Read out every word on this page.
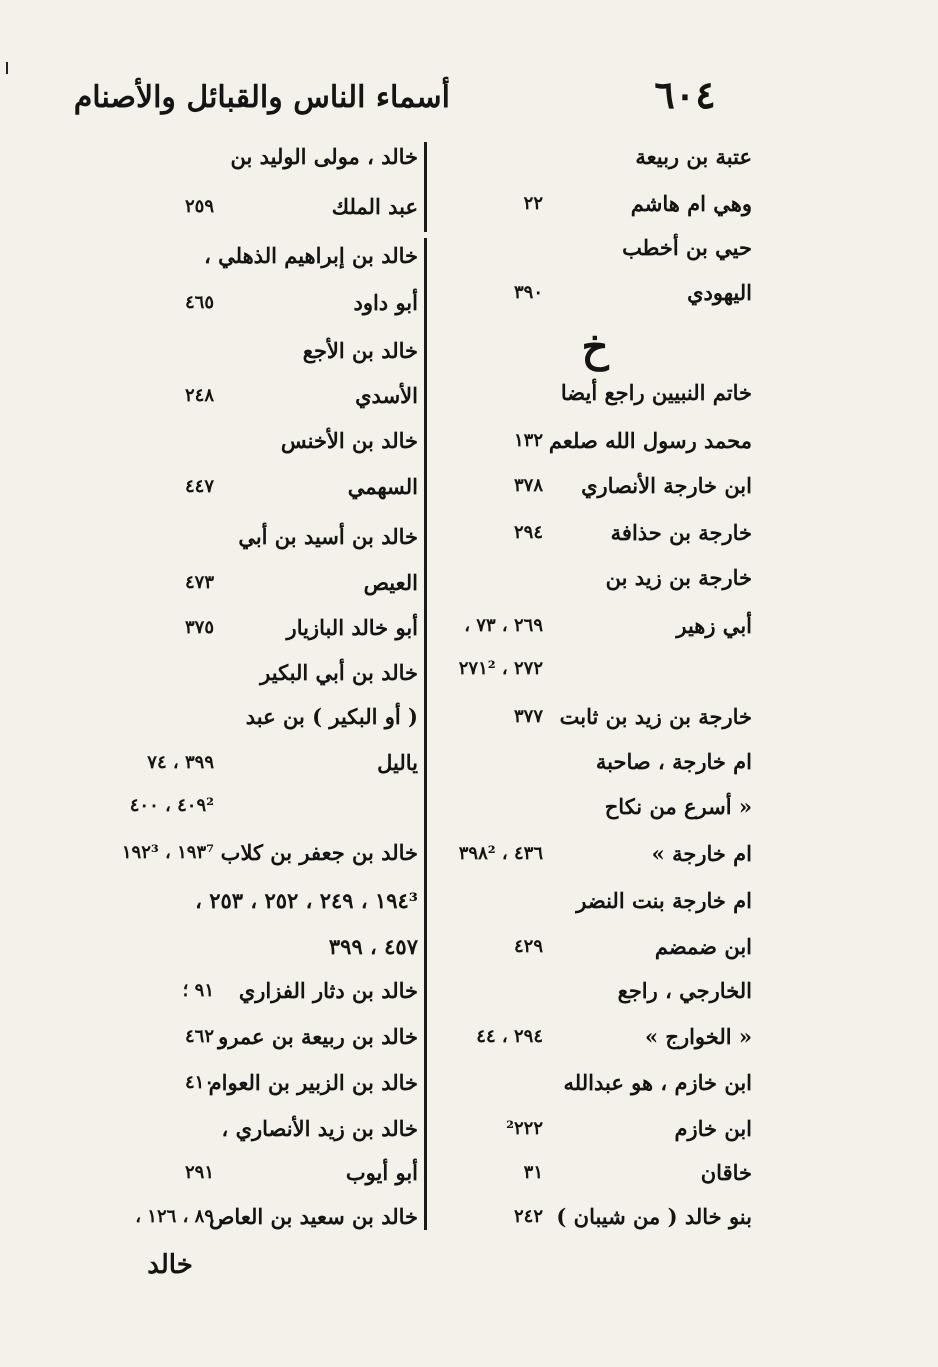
٦٠٤
أسماء الناس والقبائل والأصنام
خ
عتبة بن ربيعة
وهي ام هاشم
٢٢
حيي بن أخطب
اليهودي
٣٩٠
خاتم النبيين راجع أيضا
محمد رسول الله صلعم
١٣٢
ابن خارجة الأنصاري
٣٧٨
خارجة بن حذافة
٢٩٤
خارجة بن زيد بن
أبي زهير
٢٦٩ ، ٧٣ ،
٢٧٢ ، ٢٧١²
خارجة بن زيد بن ثابت
٣٧٧
ام خارجة ، صاحبة
« أسرع من نكاح
ام خارجة »
٤٣٦ ، ٣٩٨²
ام خارجة بنت النضر
ابن ضمضم
٤٢٩
الخارجي ، راجع
« الخوارج »
٢٩٤ ، ٤٤
ابن خازم ، هو عبدالله
ابن خازم
²٢٢٢
خاقان
٣١
بنو خالد ( من شيبان )
٢٤٢
خالد ، مولى الوليد بن
عبد الملك
٢٥٩
خالد بن إبراهيم الذهلي ،
أبو داود
٤٦٥
خالد بن الأجع
الأسدي
٢٤٨
خالد بن الأخنس
السهمي
٤٤٧
خالد بن أسيد بن أبي
العيص
٤٧٣
أبو خالد البازيار
٣٧٥
خالد بن أبي البكير
( أو البكير ) بن عبد
ياليل
٣٩٩ ، ٧٤
٤٠٩² ، ٤٠٠
خالد بن جعفر بن كلاب
١٩٣⁷ ، ١٩٢³
١٩٤³ ، ٢٤٩ ، ٢٥٢ ، ٢٥٣ ،
٤٥٧ ، ٣٩٩
خالد بن دثار الفزاري
٩١ ؛
خالد بن ربيعة بن عمرو
٤٦٢
خالد بن الزبير بن العوام
٤١٠
خالد بن زيد الأنصاري ،
أبو أيوب
٢٩١
خالد بن سعيد بن العاص
٨٩ ، ١٢٦ ،
خالد
